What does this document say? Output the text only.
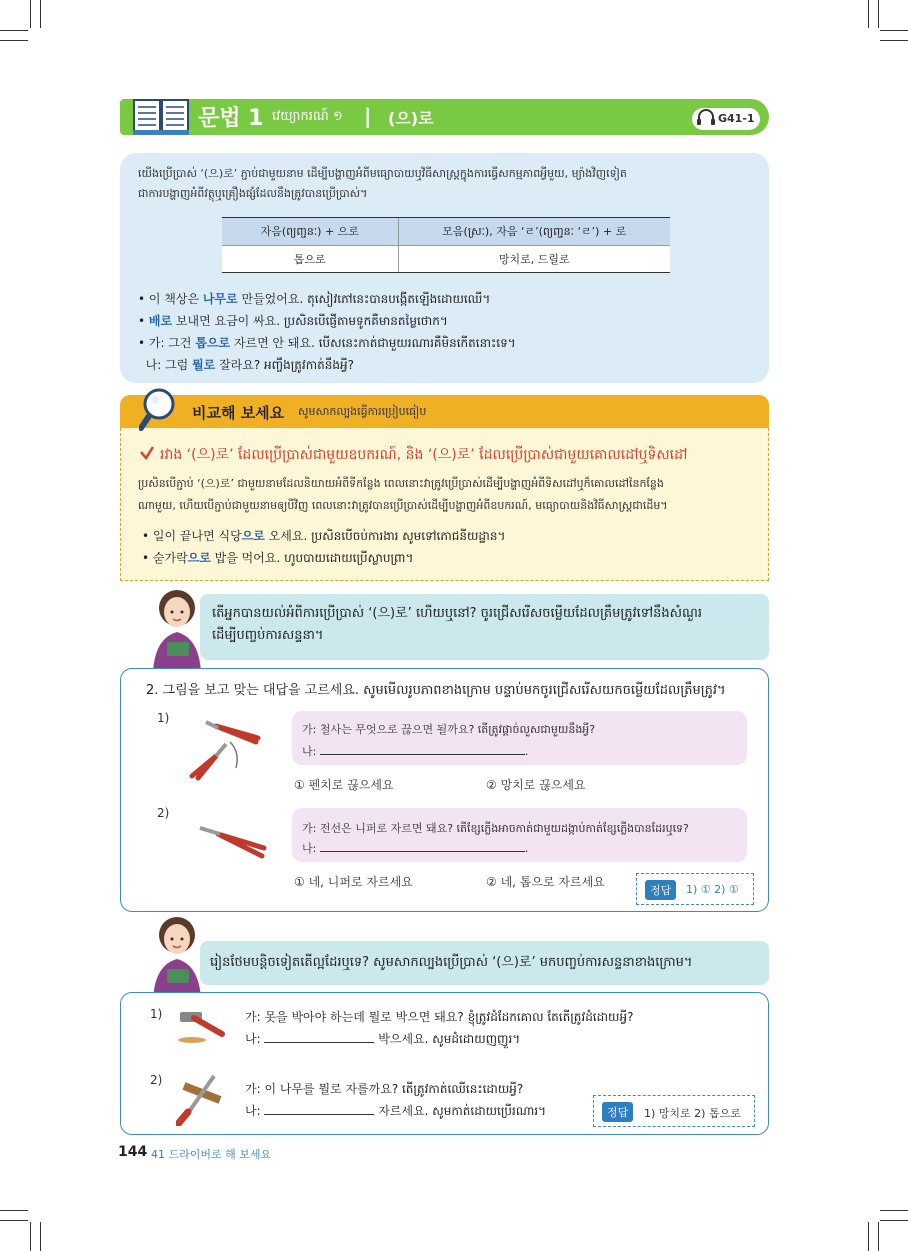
문법 1 វេយ្យាករណ៍ ១ | (으)로	G41-1
យើងប្រើប្រាស់ ‘(으)로’ ភ្ជាប់ជាមួយនាម ដើម្បីបង្ហាញអំពីមធ្យោបាយឬវិធីសាស្ត្រក្នុងការធ្វើសកម្មភាពអ្វីមួយ, ម្យ៉ាងវិញទៀត
ជាការបង្ហាញអំពីវត្ថុឬគ្រឿងផ្សំដែលនឹងត្រូវបានប្រើប្រាស់។
자음(ព្យញ្ជនៈ) + 으로	모음(ស្រៈ), 자음 ‘ㄹ’(ព្យញ្ជនៈ ‘ㄹ’) + 로
톱으로	망치로, 드릴로
• 이 책상은 나무로 만들었어요. តុសៀវភៅនេះបានបង្កើតឡើងដោយឈើ។
• 배로 보내면 요금이 싸요. ប្រសិនបើផ្ញើតាមទូកគឺមានតម្លៃថោក។
• 가: 그건 톱으로 자르면 안 돼요. បើសនេះកាត់ជាមួយរណារគឺមិនកើតនោះទេ។
나: 그럼 뭘로 잘라요? អញ្ចឹងត្រូវកាត់នឹងអ្វី?
비교해 보세요 សូមសាកល្បងធ្វើការប្រៀបធៀប
រវាង ‘(으)로’ ដែលប្រើប្រាស់ជាមួយឧបករណ៍, និង ‘(으)로’ ដែលប្រើប្រាស់ជាមួយគោលដៅឬទិសដៅ
ប្រសិនបើភ្ជាប់ ‘(으)로’ ជាមួយនាមដែលនិយាយអំពីទីកន្លែង ពេលនោះវាត្រូវប្រើប្រាស់ដើម្បីបង្ហាញអំពីទិសដៅឬក៏គោលដៅនៃកន្លែង
ណាមួយ, ហើយបើភ្ជាប់ជាមួយនាមឲ្យបីវិញ ពេលនោះវាត្រូវបានប្រើប្រាស់ដើម្បីបង្ហាញអំពីឧបករណ៍, មធ្យោបាយនិងវិធីសាស្ត្រជាដើម។
• 일이 끝나면 식당으로 오세요. ប្រសិនបើចប់ការងារ សូមទៅភោជនីយដ្ឋាន។
• 숟가락으로 밥을 먹어요. ហូបបាយដោយប្រើស្លាបព្រា។
តើអ្នកបានយល់អំពីការប្រើប្រាស់ ‘(으)로’ ហើយឬនៅ? ចូរជ្រើសរើសចម្លើយដែលត្រឹមត្រូវទៅនឹងសំណួរ
ដើម្បីបញ្ចប់ការសន្ទនា។
2. 그림을 보고 맞는 대답을 고르세요. សូមមើលរូបភាពខាងក្រោម បន្ទាប់មកចូរជ្រើសរើសយកចម្លើយដែលត្រឹមត្រូវ។
1)
가: 철사는 무엇으로 끊으면 될까요? តើត្រូវផ្តាច់លួសជាមួយនឹងអ្វី?
나:	.
① 펜치로 끊으세요	② 망치로 끊으세요
2)
가: 전선은 니퍼로 자르면 돼요? តើខ្សែភ្លើងអាចកាត់ជាមួយដង្កាប់កាត់ខ្សែភ្លើងបានដែរឬទេ?
나:	.
① 네, 니퍼로 자르세요	② 네, 톱으로 자르세요
정답	1) ① 2) ①
រៀនថែមបន្តិចទៀតតើល្អដែរឬទេ? សូមសាកល្បងប្រើប្រាស់ ‘(으)로’ មកបញ្ចប់ការសន្ទនាខាងក្រោម។
1)	가: 못을 박아야 하는데 뭘로 박으면 돼요? ខ្ញុំត្រូវដំដែកគោល តែតើត្រូវដំដោយអ្វី?
나:	박으세요. សូមដំដោយញញួរ។
2)
가: 이 나무를 뭘로 자를까요? តើត្រូវកាត់ឈើនេះដោយអ្វី?
나:	자르세요. សូមកាត់ដោយប្រើរណារ។	정답	1) 망치로 2) 톱으로
144 41 드라이버로 해 보세요
